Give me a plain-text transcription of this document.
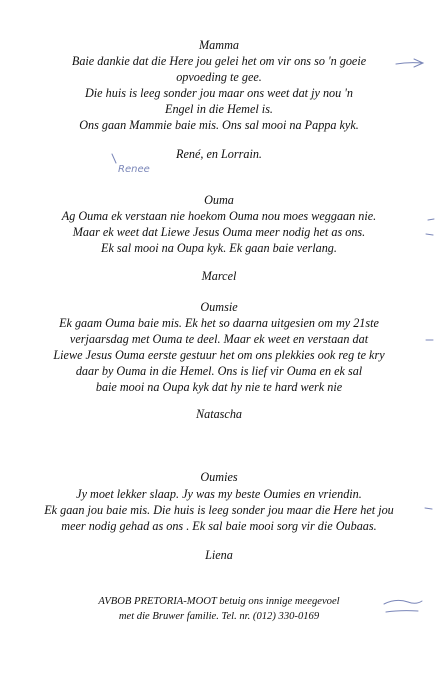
Mamma
Baie dankie dat die Here jou gelei het om vir ons so 'n goeie
opvoeding te gee.
Die huis is leeg sonder jou maar ons weet dat jy nou 'n
Engel in die Hemel is.
Ons gaan Mammie baie mis. Ons sal mooi na Pappa kyk.
René, en Lorrain.
Renee
Ouma
Ag Ouma ek verstaan nie hoekom Ouma nou moes weggaan nie.
Maar ek weet dat Liewe Jesus Ouma meer nodig het as ons.
Ek sal mooi na Oupa kyk. Ek gaan baie verlang.
Marcel
Oumsie
Ek gaam Ouma baie mis. Ek het so daarna uitgesien om my 21ste
verjaarsdag met Ouma te deel. Maar ek weet en verstaan dat
Liewe Jesus Ouma eerste gestuur het om ons plekkies ook reg te kry
daar by Ouma in die Hemel. Ons is lief vir Ouma en ek sal
baie mooi na Oupa kyk dat hy nie te hard werk nie
Natascha
Oumies
Jy moet lekker slaap. Jy was my beste Oumies en vriendin.
Ek gaan jou baie mis. Die huis is leeg sonder jou maar die Here het jou
meer nodig gehad as ons . Ek sal baie mooi sorg vir die Oubaas.
Liena
AVBOB PRETORIA-MOOT betuig ons innige meegevoel
met die Bruwer familie. Tel. nr. (012) 330-0169
